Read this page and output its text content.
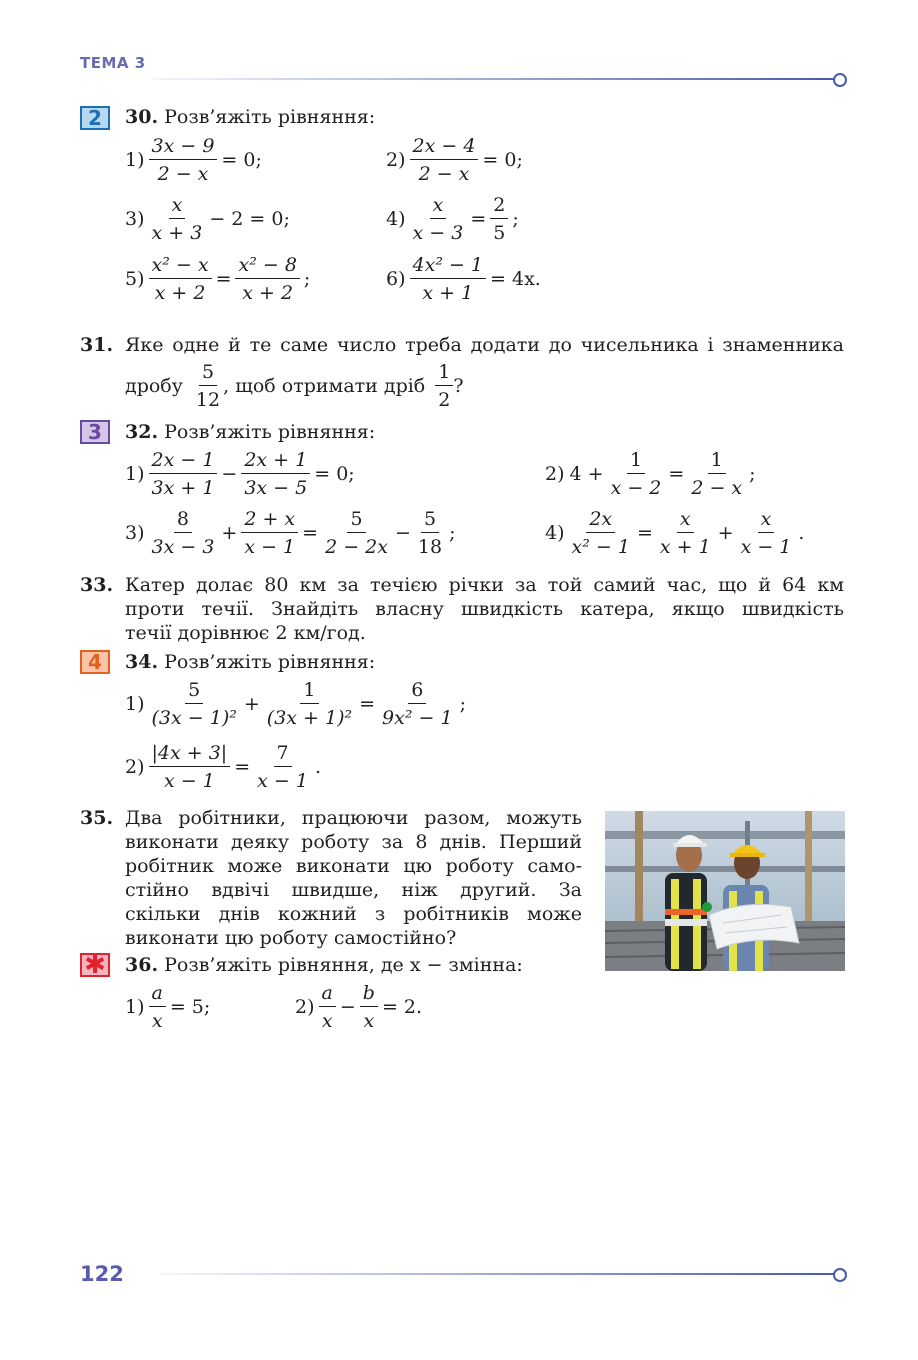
ТЕМА 3
2	30. Розв’яжіть рівняння:
$1) \frac{3x - 9}{2 - x} = 0$;	$2) \frac{2x - 4}{2 - x} = 0$;
$3) \frac{x}{x + 3} - 2 = 0$;	$4) \frac{x}{x - 3} = \frac{2}{5}$ ;
$5) \frac{\text{x² − x}}{x + 2} = \frac{\text{x² − 8}}{x + 2}$ ;	$6) \frac{\text{4x² − 1}}{x + 1} = 4x$.
31. Яке одне й те саме число треба додати до чисельника і знаменника
дробу $\frac{5}{12}$ , щоб отримати дріб $\frac{1}{2}$ ?
3	32. Розв’яжіть рівняння:
$1) \frac{2x - 1}{3x + 1} - \frac{2x + 1}{3x - 5} = 0$;	2) $4 + \frac{1}{x - 2} = \frac{1}{2 - x}$ ;
$3) \frac{8}{3x - 3} + \frac{2 + x}{x - 1} = \frac{5}{2 - 2x} - \frac{5}{18}$ ;	$4) \frac{2x}{\text{x² − 1}} = \frac{x}{x + 1} + \frac{x}{x - 1}$ .
33. Катер долає 80 км за течією річки за той самий час, що й 64 км
проти течії. Знайдіть власну швидкість катера, якщо швидкість
течії дорівнює 2 км/год.
4	34. Розв’яжіть рівняння:
$1) \frac{5}{\text{(3x − 1)²}} + \frac{1}{\text{(3x + 1)²}} = \frac{6}{\text{9x² − 1}}$ ;
$2) \frac{|4x + 3|}{x - 1} = \frac{7}{x - 1}$ .
35. Два робітники, працюючи разом, можуть
виконати деяку роботу за 8 днів. Перший
робітник може виконати цю роботу само-
стійно вдвічі швидше, ніж другий. За
скільки днів кожний з робітників може
виконати цю роботу самостійно?
✱ 36. Розв’яжіть рівняння, де x − змінна:
$1) \frac{a}{x} = 5$;	$2) \frac{a}{x} - \frac{b}{x} = 2$.
122
